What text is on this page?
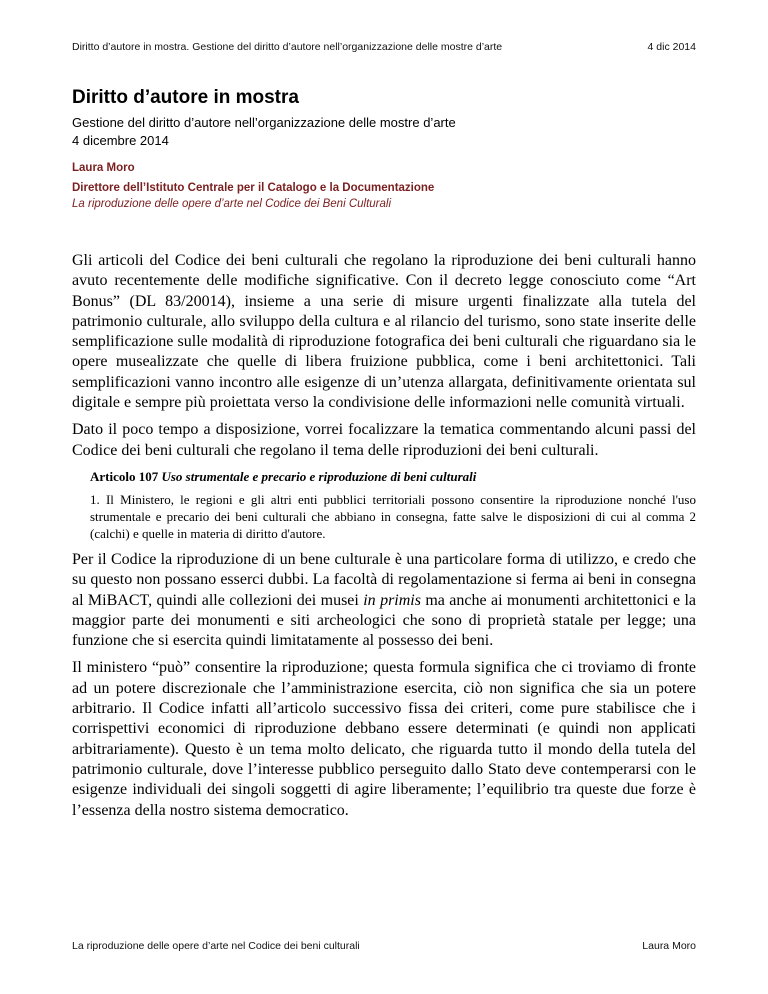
Diritto d’autore in mostra. Gestione del diritto d’autore nell’organizzazione delle mostre d’arte	4 dic 2014
Diritto d’autore in mostra
Gestione del diritto d’autore nell’organizzazione delle mostre d’arte
4 dicembre 2014
Laura Moro
Direttore dell’Istituto Centrale per il Catalogo e la Documentazione
La riproduzione delle opere d’arte nel Codice dei Beni Culturali

Gli articoli del Codice dei beni culturali che regolano la riproduzione dei beni culturali hanno avuto recentemente delle modifiche significative. Con il decreto legge conosciuto come “Art Bonus” (DL 83/20014), insieme a una serie di misure urgenti finalizzate alla tutela del patrimonio culturale, allo sviluppo della cultura e al rilancio del turismo, sono state inserite delle semplificazione sulle modalità di riproduzione fotografica dei beni culturali che riguardano sia le opere musealizzate che quelle di libera fruizione pubblica, come i beni architettonici. Tali semplificazioni vanno incontro alle esigenze di un’utenza allargata, definitivamente orientata sul digitale e sempre più proiettata verso la condivisione delle informazioni nelle comunità virtuali.

Dato il poco tempo a disposizione, vorrei focalizzare la tematica commentando alcuni passi del Codice dei beni culturali che regolano il tema delle riproduzioni dei beni culturali.

Articolo 107 Uso strumentale e precario e riproduzione di beni culturali

1. Il Ministero, le regioni e gli altri enti pubblici territoriali possono consentire la riproduzione nonché l'uso strumentale e precario dei beni culturali che abbiano in consegna, fatte salve le disposizioni di cui al comma 2 (calchi) e quelle in materia di diritto d'autore.

Per il Codice la riproduzione di un bene culturale è una particolare forma di utilizzo, e credo che su questo non possano esserci dubbi. La facoltà di regolamentazione si ferma ai beni in consegna al MiBACT, quindi alle collezioni dei musei in primis ma anche ai monumenti architettonici e la maggior parte dei monumenti e siti archeologici che sono di proprietà statale per legge; una funzione che si esercita quindi limitatamente al possesso dei beni.

Il ministero “può” consentire la riproduzione; questa formula significa che ci troviamo di fronte ad un potere discrezionale che l’amministrazione esercita, ciò non significa che sia un potere arbitrario. Il Codice infatti all’articolo successivo fissa dei criteri, come pure stabilisce che i corrispettivi economici di riproduzione debbano essere determinati (e quindi non applicati arbitrariamente). Questo è un tema molto delicato, che riguarda tutto il mondo della tutela del patrimonio culturale, dove l’interesse pubblico perseguito dallo Stato deve contemperarsi con le esigenze individuali dei singoli soggetti di agire liberamente; l’equilibrio tra queste due forze è l’essenza della nostro sistema democratico.

La riproduzione delle opere d’arte nel Codice dei beni culturali	Laura Moro
